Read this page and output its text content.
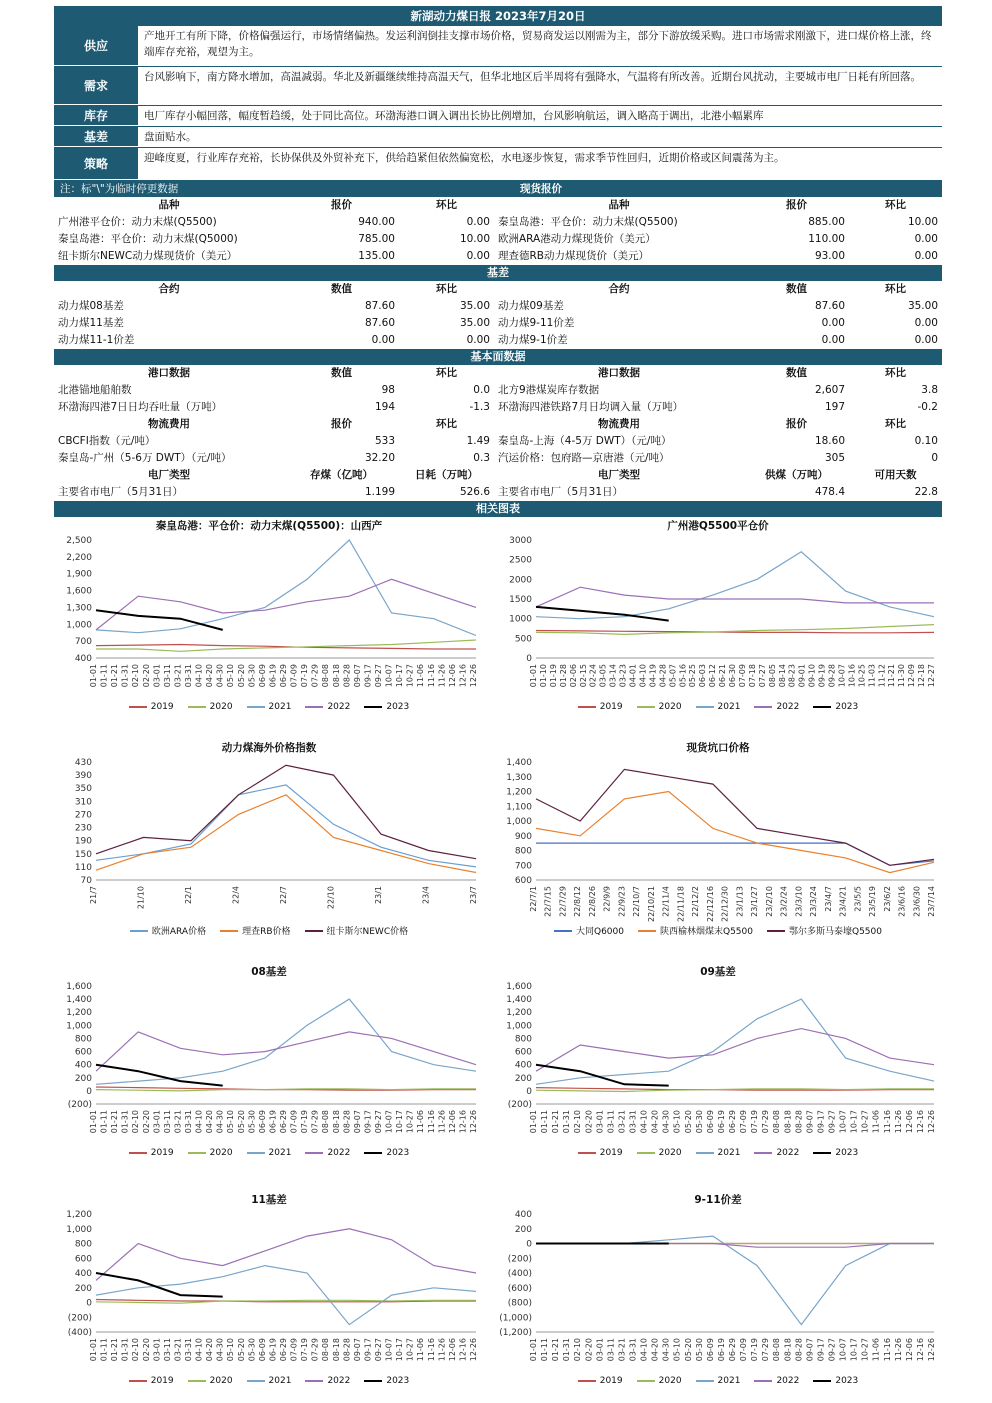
新湖动力煤日报 2023年7月20日
供应
产地开工有所下降，价格偏强运行，市场情绪偏热。发运利润倒挂支撑市场价格，贸易商发运以刚需为主，部分下游放缓采购。进口市场需求刚激下，进口煤价格上涨，终端库存充裕，观望为主。
需求
台风影响下，南方降水增加，高温减弱。华北及新疆继续维持高温天气，但华北地区后半周将有强降水，气温将有所改善。近期台风扰动，主要城市电厂日耗有所回落。
库存	电厂库存小幅回落，幅度暂趋缓，处于同比高位。环渤海港口调入调出长协比例增加，台风影响航运，调入略高于调出，北港小幅累库
基差	盘面贴水。
策略	迎峰度夏，行业库存充裕，长协保供及外贸补充下，供给趋紧但依然偏宽松，水电逐步恢复，需求季节性回归，近期价格或区间震荡为主。
注：标"\"为临时停更数据	现货报价
品种	报价	环比	品种	报价	环比
广州港平仓价：动力末煤(Q5500)	940.00	0.00	秦皇岛港：平仓价：动力末煤(Q5500)	885.00	10.00
秦皇岛港：平仓价：动力末煤(Q5000)	785.00	10.00	欧洲ARA港动力煤现货价（美元）	110.00	0.00
纽卡斯尔NEWC动力煤现货价（美元）	135.00	0.00	理查德RB动力煤现货价（美元）	93.00	0.00
基差
合约	数值	环比	合约	数值	环比
动力煤08基差	87.60	35.00	动力煤09基差	87.60	35.00
动力煤11基差	87.60	35.00	动力煤9-11价差	0.00	0.00
动力煤11-1价差	0.00	0.00	动力煤9-1价差	0.00	0.00
基本面数据
港口数据	数值	环比	港口数据	数值	环比
北港锚地船舶数	98	0.0	北方9港煤炭库存数据	2,607	3.8
环渤海四港7日日均吞吐量（万吨）	194	-1.3	环渤海四港铁路7月日均调入量（万吨）	197	-0.2
物流费用	报价	环比	物流费用	报价	环比
CBCFI指数（元/吨）	533	1.49	秦皇岛-上海（4-5万 DWT）（元/吨）	18.60	0.10
秦皇岛-广州（5-6万 DWT）（元/吨）	32.20	0.3	汽运价格：包府路—京唐港（元/吨）	305	0
电厂类型	存煤（亿吨）	日耗（万吨）	电厂类型	供煤（万吨）	可用天数
主要省市电厂（5月31日）	1.199	526.6	主要省市电厂（5月31日）	478.4	22.8
相关图表
秦皇岛港：平仓价：动力末煤(Q5500)：山西产
2,500
2,200
1,900
1,600
1,300
1,000
700
400
01-01 01-11 01-21 01-31 02-10 02-20 03-01 03-11 03-21 03-31 04-10 04-20 04-30 05-10 05-20 05-30 06-09 06-19 06-29 07-09 07-19 07-29 08-08 08-18 08-28 09-07 09-17 09-27 10-07 10-17 10-27 11-06 11-16 11-26 12-06 12-16 12-26
2019	2020	2021	2022	2023
广州港Q5500平仓价
3000
2500
2000
1500
1000
500
0
01-01 01-10 01-19 01-28 02-06 02-15 02-24 03-05 03-14 03-23 04-01 04-10 04-19 04-28 05-07 05-16 05-25 06-03 06-12 06-21 06-30 07-09 07-18 07-27 08-05 08-14 08-23 09-01 09-10 09-19 09-28 10-07 10-16 10-25 11-03 11-12 11-21 11-30 12-09 12-18 12-27
2019	2020	2021	2022	2023
动力煤海外价格指数
430
390
350
310
270
230
190
150
110
70
21/7	21/10	22/1	22/4	22/7	22/10	23/1	23/4	23/7
欧洲ARA价格	理查RB价格	纽卡斯尔NEWC价格
现货坑口价格
1,400
1,300
1,200
1,100
1,000
900
800
700
600
22/7/1 22/7/15 22/7/29 22/8/12 22/8/26 22/9/9 22/9/23 22/10/7 22/10/21 22/11/4 22/11/18 22/12/2 22/12/16 22/12/30 23/1/13 23/1/27 23/2/10 23/2/24 23/3/10 23/3/24 23/4/7 23/4/21 23/5/5 23/5/19 23/6/2 23/6/16 23/6/30 23/7/14
大同Q6000	陕西榆林烟煤末Q5500	鄂尔多斯马泰壕Q5500
08基差
1,600
1,400
1,200
1,000
800
600
400
200
0
(200)
01-01 01-11 01-21 01-31 02-10 02-20 03-01 03-11 03-21 03-31 04-10 04-20 04-30 05-10 05-20 05-30 06-09 06-19 06-29 07-09 07-19 07-29 08-08 08-18 08-28 09-07 09-17 09-27 10-07 10-17 10-27 11-06 11-16 11-26 12-06 12-16 12-26
2019	2020	2021	2022	2023
09基差
1,600
1,400
1,200
1,000
800
600
400
200
0
(200)
01-01 01-11 01-21 01-31 02-10 02-20 03-01 03-11 03-21 03-31 04-10 04-20 04-30 05-10 05-20 05-30 06-09 06-19 06-29 07-09 07-19 07-29 08-08 08-18 08-28 09-07 09-17 09-27 10-07 10-17 10-27 11-06 11-16 11-26 12-06 12-16 12-26
2019	2020	2021	2022	2023
11基差
1,200
1,000
800
600
400
200
0
(200)
(400)
01-01 01-11 01-21 01-31 02-10 02-20 03-01 03-11 03-21 03-31 04-10 04-20 04-30 05-10 05-20 05-30 06-09 06-19 06-29 07-09 07-19 07-29 08-08 08-18 08-28 09-07 09-17 09-27 10-07 10-17 10-27 11-06 11-16 11-26 12-06 12-16 12-26
2019	2020	2021	2022	2023
9-11价差
400
200
0
(200)
(400)
(600)
(800)
(1,000)
(1,200)
01-01 01-11 01-21 01-31 02-10 02-20 03-01 03-11 03-21 03-31 04-10 04-20 04-30 05-10 05-20 05-30 06-09 06-19 06-29 07-09 07-19 07-29 08-08 08-18 08-28 09-07 09-17 09-27 10-07 10-17 10-27 11-06 11-16 11-26 12-06 12-16 12-26
2019	2020	2021	2022	2023
